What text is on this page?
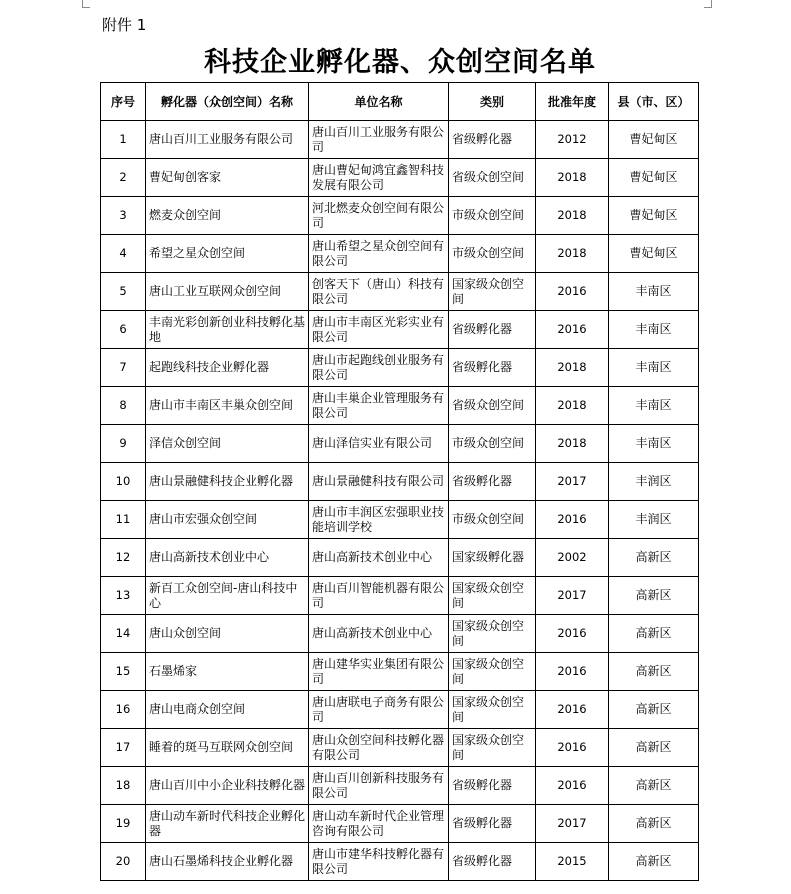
附件 1
科技企业孵化器、众创空间名单
序号	孵化器（众创空间）名称	单位名称	类别	批准年度	县（市、区）
1	唐山百川工业服务有限公司	唐山百川工业服务有限公司	省级孵化器	2012	曹妃甸区
2	曹妃甸创客家	唐山曹妃甸鸿宜鑫智科技发展有限公司	省级众创空间	2018	曹妃甸区
3	燃麦众创空间	河北燃麦众创空间有限公司	市级众创空间	2018	曹妃甸区
4	希望之星众创空间	唐山希望之星众创空间有限公司	市级众创空间	2018	曹妃甸区
5	唐山工业互联网众创空间	创客天下（唐山）科技有限公司	国家级众创空间	2016	丰南区
6	丰南光彩创新创业科技孵化基地	唐山市丰南区光彩实业有限公司	省级孵化器	2016	丰南区
7	起跑线科技企业孵化器	唐山市起跑线创业服务有限公司	省级孵化器	2018	丰南区
8	唐山市丰南区丰巢众创空间	唐山丰巢企业管理服务有限公司	省级众创空间	2018	丰南区
9	泽信众创空间	唐山泽信实业有限公司	市级众创空间	2018	丰南区
10	唐山景融健科技企业孵化器	唐山景融健科技有限公司	省级孵化器	2017	丰润区
11	唐山市宏强众创空间	唐山市丰润区宏强职业技能培训学校	市级众创空间	2016	丰润区
12	唐山高新技术创业中心	唐山高新技术创业中心	国家级孵化器	2002	高新区
13	新百工众创空间-唐山科技中心	唐山百川智能机器有限公司	国家级众创空间	2017	高新区
14	唐山众创空间	唐山高新技术创业中心	国家级众创空间	2016	高新区
15	石墨烯家	唐山建华实业集团有限公司	国家级众创空间	2016	高新区
16	唐山电商众创空间	唐山唐联电子商务有限公司	国家级众创空间	2016	高新区
17	睡着的斑马互联网众创空间	唐山众创空间科技孵化器有限公司	国家级众创空间	2016	高新区
18	唐山百川中小企业科技孵化器	唐山百川创新科技服务有限公司	省级孵化器	2016	高新区
19	唐山动车新时代科技企业孵化器	唐山动车新时代企业管理咨询有限公司	省级孵化器	2017	高新区
20	唐山石墨烯科技企业孵化器	唐山市建华科技孵化器有限公司	省级孵化器	2015	高新区
